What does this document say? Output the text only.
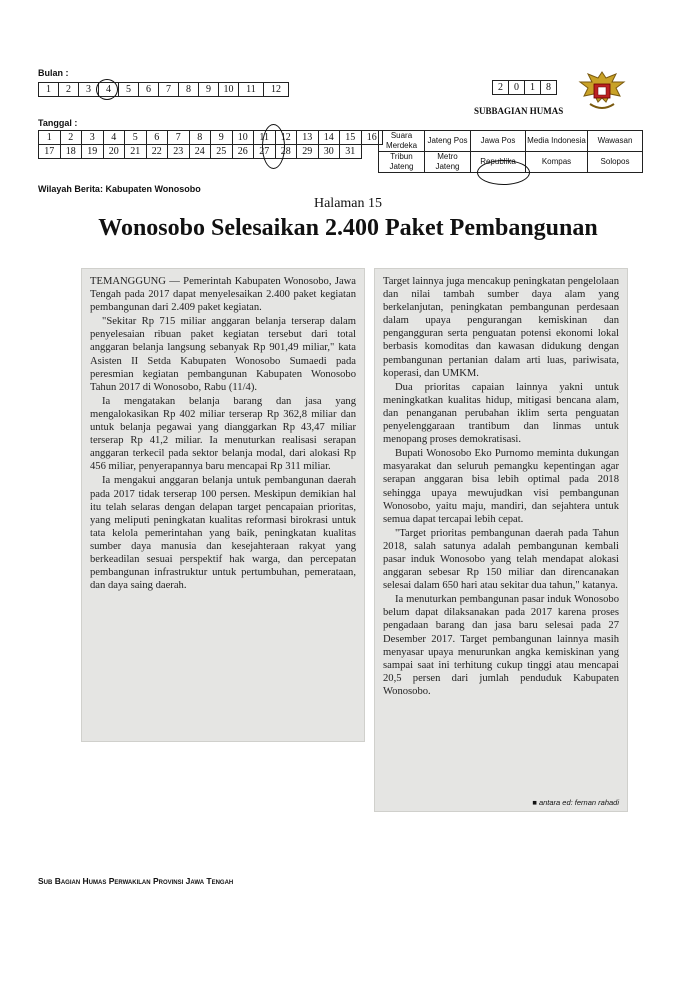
Bulan :
1	2	3	4	5	6	7	8	9	10	11	12
Tanggal :
1	2	3	4	5	6	7	8	9	10	11	12	13	14	15	16
17	18	19	20	21	22	23	24	25	26	27	28	29	30	31	
2	0	1	8
SUBBAGIAN HUMAS
Suara Merdeka	Jateng Pos	Jawa Pos	Media Indonesia	Wawasan
Tribun Jateng	Metro Jateng	Republika	Kompas	Solopos
Wilayah Berita: Kabupaten Wonosobo
Halaman 15
Wonosobo Selesaikan 2.400 Paket Pembangunan

TEMANGGUNG — Pemerintah Kabupaten Wonosobo, Jawa Tengah pada 2017 dapat menyelesaikan 2.400 paket kegiatan pembangunan dari 2.409 paket kegiatan.

"Sekitar Rp 715 miliar anggaran belanja terserap dalam penyelesaian ribuan paket kegiatan tersebut dari total anggaran belanja langsung sebanyak Rp 901,49 miliar," kata Asisten II Setda Kabupaten Wonosobo Sumaedi pada peresmian kegiatan pembangunan Kabupaten Wonosobo Tahun 2017 di Wonosobo, Rabu (11/4).

Ia mengatakan belanja barang dan jasa yang mengalokasikan Rp 402 miliar terserap Rp 362,8 miliar dan untuk belanja pegawai yang dianggarkan Rp 43,47 miliar terserap Rp 41,2 miliar. Ia menuturkan realisasi serapan anggaran terkecil pada sektor belanja modal, dari alokasi Rp 456 miliar, penyerapannya baru mencapai Rp 311 miliar.

Ia mengakui anggaran belanja untuk pembangunan daerah pada 2017 tidak terserap 100 persen. Meskipun demikian hal itu telah selaras dengan delapan target pencapaian prioritas, yang meliputi peningkatan kualitas reformasi birokrasi untuk tata kelola pemerintahan yang baik, peningkatan kualitas sumber daya manusia dan kesejahteraan rakyat yang berkeadilan sesuai perspektif hak warga, dan percepatan pembangunan infrastruktur untuk pertumbuhan, pemerataan, dan daya saing daerah.

Target lainnya juga mencakup peningkatan pengelolaan dan nilai tambah sumber daya alam yang berkelanjutan, peningkatan pembangunan perdesaan dalam upaya pengurangan kemiskinan dan pengangguran serta penguatan potensi ekonomi lokal berbasis komoditas dan kawasan didukung dengan pembangunan pertanian dalam arti luas, pariwisata, koperasi, dan UMKM.

Dua prioritas capaian lainnya yakni untuk meningkatkan kualitas hidup, mitigasi bencana alam, dan penanganan perubahan iklim serta penguatan penyelenggaraan trantibum dan linmas untuk menopang proses demokratisasi.

Bupati Wonosobo Eko Purnomo meminta dukungan masyarakat dan seluruh pemangku kepentingan agar serapan anggaran bisa lebih optimal pada 2018 sehingga upaya mewujudkan visi pembangunan Wonosobo, yaitu maju, mandiri, dan sejahtera untuk semua dapat tercapai lebih cepat.

"Target prioritas pembangunan daerah pada Tahun 2018, salah satunya adalah pembangunan kembali pasar induk Wonosobo yang telah mendapat alokasi anggaran sebesar Rp 150 miliar dan direncanakan selesai dalam 650 hari atau sekitar dua tahun," katanya.

Ia menuturkan pembangunan pasar induk Wonosobo belum dapat dilaksanakan pada 2017 karena proses pengadaan barang dan jasa baru selesai pada 27 Desember 2017. Target pembangunan lainnya masih menyasar upaya menurunkan angka kemiskinan yang sampai saat ini terhitung cukup tinggi atau mencapai 20,5 persen dari jumlah penduduk Kabupaten Wonosobo.

■ antara ed: fernan rahadi
Sub Bagian Humas Perwakilan Provinsi Jawa Tengah
